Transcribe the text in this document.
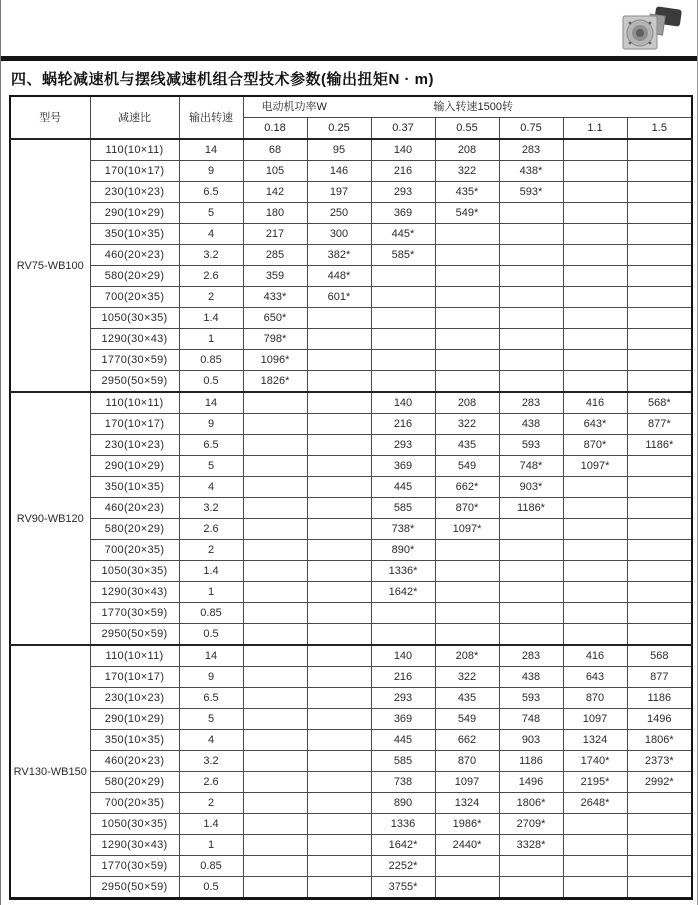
四、蜗轮减速机与摆线减速机组合型技术参数(输出扭矩N · m)
型号	减速比	输出转速	电动机功率W 输入转速1500转						

			0.18	0.25	0.37	0.55	0.75	1.1	1.5
RV75-WB100	110(10×11)	14	68	95	140	208	283		
	170(10×17)	9	105	146	216	322	438*		
	230(10×23)	6.5	142	197	293	435*	593*		
	290(10×29)	5	180	250	369	549*			
	350(10×35)	4	217	300	445*				
	460(20×23)	3.2	285	382*	585*				
	580(20×29)	2.6	359	448*					
	700(20×35)	2	433*	601*					
	1050(30×35)	1.4	650*						
	1290(30×43)	1	798*						
	1770(30×59)	0.85	1096*						
	2950(50×59)	0.5	1826*						
RV90-WB120	110(10×11)	14			140	208	283	416	568*
	170(10×17)	9			216	322	438	643*	877*
	230(10×23)	6.5			293	435	593	870*	1186*
	290(10×29)	5			369	549	748*	1097*	
	350(10×35)	4			445	662*	903*		
	460(20×23)	3.2			585	870*	1186*		
	580(20×29)	2.6			738*	1097*			
	700(20×35)	2			890*				
	1050(30×35)	1.4			1336*				
	1290(30×43)	1			1642*				
	1770(30×59)	0.85							
	2950(50×59)	0.5							
RV130-WB150	110(10×11)	14			140	208*	283	416	568
	170(10×17)	9			216	322	438	643	877
	230(10×23)	6.5			293	435	593	870	1186
	290(10×29)	5			369	549	748	1097	1496
	350(10×35)	4			445	662	903	1324	1806*
	460(20×23)	3.2			585	870	1186	1740*	2373*
	580(20×29)	2.6			738	1097	1496	2195*	2992*
	700(20×35)	2			890	1324	1806*	2648*	
	1050(30×35)	1.4			1336	1986*	2709*		
	1290(30×43)	1			1642*	2440*	3328*		
	1770(30×59)	0.85			2252*				
	2950(50×59)	0.5			3755*				
